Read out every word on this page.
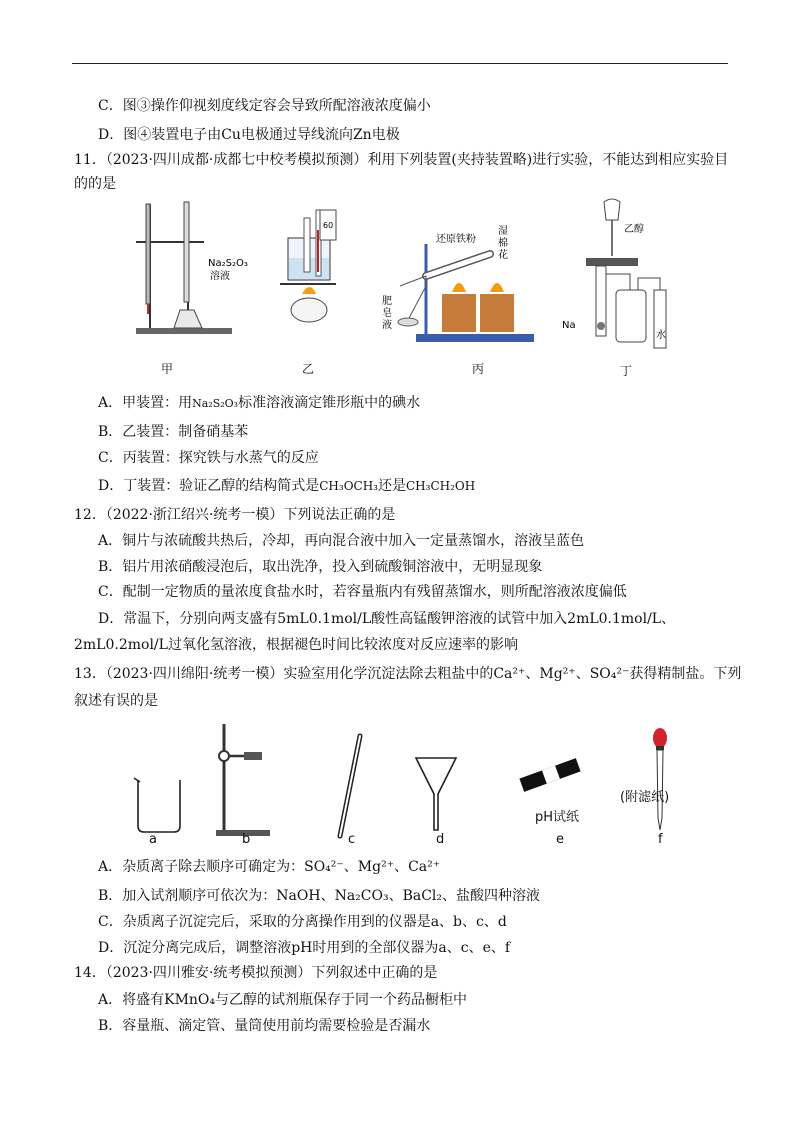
C．图③操作仰视刻度线定容会导致所配溶液浓度偏小
D．图④装置电子由Cu电极通过导线流向Zn电极
11．（2023·四川成都·成都七中校考模拟预测）利用下列装置(夹持装置略)进行实验，不能达到相应实验目
的的是
Na₂S₂O₃
溶液
甲
60
乙
还原铁粉
湿
棉
花
肥
皂
液
丙
乙醇
Na
水
丁
A．甲装置：用Na₂S₂O₃标准溶液滴定锥形瓶中的碘水
B．乙装置：制备硝基苯
C．丙装置：探究铁与水蒸气的反应
D．丁装置：验证乙醇的结构简式是CH₃OCH₃还是CH₃CH₂OH
12．（2022·浙江绍兴·统考一模）下列说法正确的是
A．铜片与浓硫酸共热后，冷却，再向混合液中加入一定量蒸馏水，溶液呈蓝色
B．铝片用浓硝酸浸泡后，取出洗净，投入到硫酸铜溶液中，无明显现象
C．配制一定物质的量浓度食盐水时，若容量瓶内有残留蒸馏水，则所配溶液浓度偏低
D．常温下，分别向两支盛有5mL0.1mol/L酸性高锰酸钾溶液的试管中加入2mL0.1mol/L、
2mL0.2mol/L过氧化氢溶液，根据褪色时间比较浓度对反应速率的影响
13．（2023·四川绵阳·统考一模）实验室用化学沉淀法除去粗盐中的Ca²⁺、Mg²⁺、SO₄²⁻获得精制盐。下列
叙述有误的是
(附滤纸)
pH试纸
a	b	c	d	e	f
A．杂质离子除去顺序可确定为：SO₄²⁻、Mg²⁺、Ca²⁺
B．加入试剂顺序可依次为：NaOH、Na₂CO₃、BaCl₂、盐酸四种溶液
C．杂质离子沉淀完后，采取的分离操作用到的仪器是a、b、c、d
D．沉淀分离完成后，调整溶液pH时用到的全部仪器为a、c、e、f
14．（2023·四川雅安·统考模拟预测）下列叙述中正确的是
A．将盛有KMnO₄与乙醇的试剂瓶保存于同一个药品橱柜中
B．容量瓶、滴定管、量筒使用前均需要检验是否漏水
